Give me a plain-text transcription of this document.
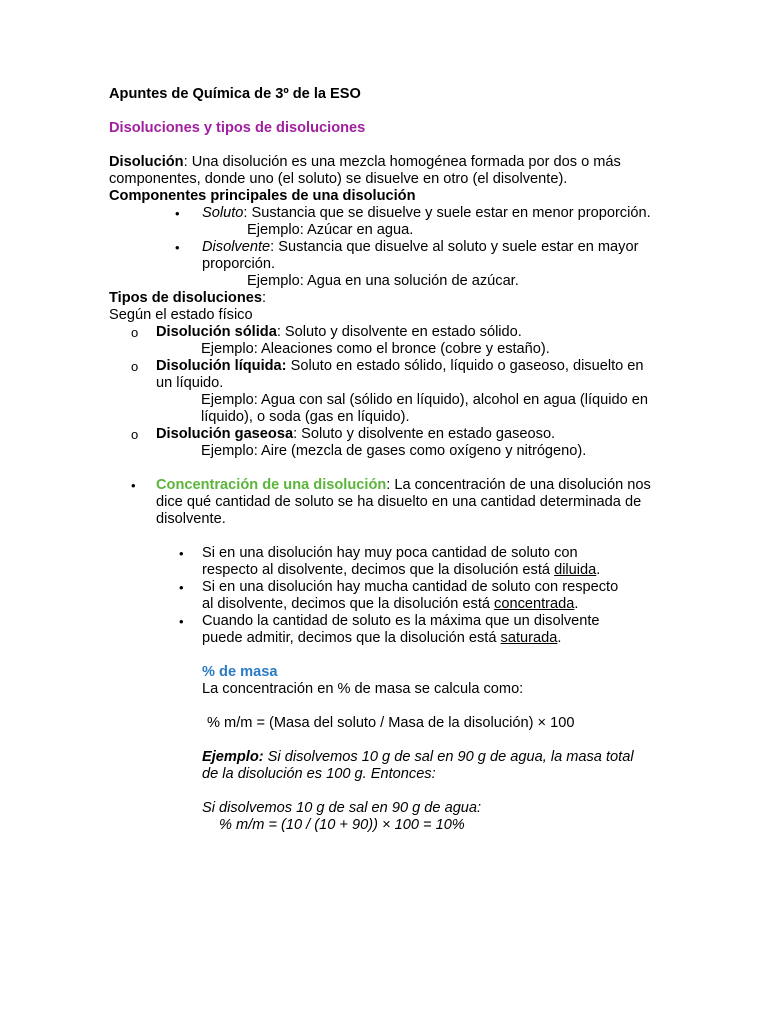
Apuntes de Química de 3º de la ESO

Disoluciones y tipos de disoluciones

Disolución: Una disolución es una mezcla homogénea formada por dos o más componentes, donde uno (el soluto) se disuelve en otro (el disolvente).

Componentes principales de una disolución

• Soluto: Sustancia que se disuelve y suele estar en menor proporción.

Ejemplo: Azúcar en agua.

• Disolvente: Sustancia que disuelve al soluto y suele estar en mayor proporción.

Ejemplo: Agua en una solución de azúcar.

Tipos de disoluciones:

Según el estado físico

o Disolución sólida: Soluto y disolvente en estado sólido.

Ejemplo: Aleaciones como el bronce (cobre y estaño).

o Disolución líquida: Soluto en estado sólido, líquido o gaseoso, disuelto en un líquido.

Ejemplo: Agua con sal (sólido en líquido), alcohol en agua (líquido en líquido), o soda (gas en líquido).

o Disolución gaseosa: Soluto y disolvente en estado gaseoso.

Ejemplo: Aire (mezcla de gases como oxígeno y nitrógeno).

• Concentración de una disolución: La concentración de una disolución nos dice qué cantidad de soluto se ha disuelto en una cantidad determinada de disolvente.

• Si en una disolución hay muy poca cantidad de soluto con respecto al disolvente, decimos que la disolución está diluida.

• Si en una disolución hay mucha cantidad de soluto con respecto al disolvente, decimos que la disolución está concentrada.

• Cuando la cantidad de soluto es la máxima que un disolvente puede admitir, decimos que la disolución está saturada.

% de masa

La concentración en % de masa se calcula como:

% m/m = (Masa del soluto / Masa de la disolución) × 100

Ejemplo: Si disolvemos 10 g de sal en 90 g de agua, la masa total de la disolución es 100 g. Entonces:

Si disolvemos 10 g de sal en 90 g de agua:

% m/m = (10 / (10 + 90)) × 100 = 10%
